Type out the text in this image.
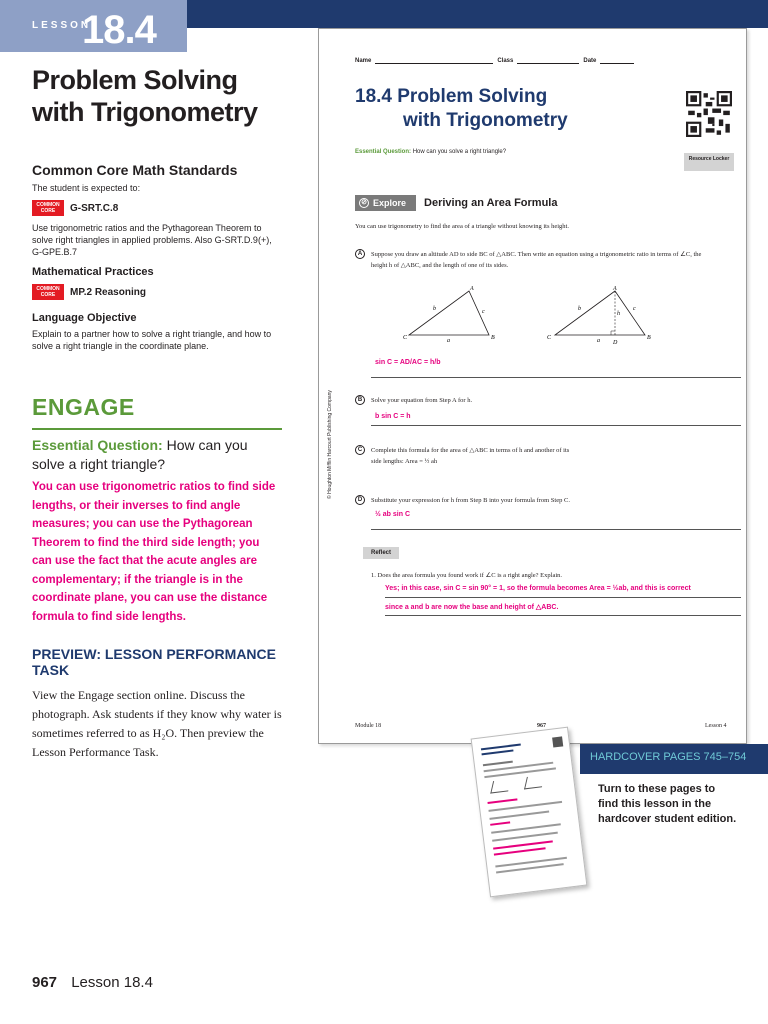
LESSON
18.4
Problem Solving with Trigonometry
Common Core Math Standards
The student is expected to:
COMMON CORE	G-SRT.C.8
Use trigonometric ratios and the Pythagorean Theorem to solve right triangles in applied problems. Also G-SRT.D.9(+), G-GPE.B.7
Mathematical Practices
COMMON CORE	MP.2 Reasoning
Language Objective
Explain to a partner how to solve a right triangle, and how to solve a right triangle in the coordinate plane.
ENGAGE
Essential Question: How can you solve a right triangle?
You can use trigonometric ratios to find side lengths, or their inverses to find angle measures; you can use the Pythagorean Theorem to find the third side length; you can use the fact that the acute angles are complementary; if the triangle is in the coordinate plane, you can use the distance formula to find side lengths.
PREVIEW: LESSON PERFORMANCE TASK
View the Engage section online. Discuss the photograph. Ask students if they know why water is sometimes referred to as H₂O. Then preview the Lesson Performance Task.
967 Lesson 18.4
Name	Class	Date
18.4 Problem Solving
with Trigonometry
Resource Locker
Essential Question: How can you solve a right triangle?
⊘ Explore Deriving an Area Formula
You can use trigonometry to find the area of a triangle without knowing its height.
A	Suppose you draw an altitude AD to side BC of △ABC. Then write an equation using a trigonometric ratio in terms of ∠C, the height h of △ABC, and the length of one of its sides.
A
C	B
b	c
a
A
C	B
D
b	c
h
a
sin C = AD/AC = h/b
B	Solve your equation from Step A for h.
b sin C = h
C	Complete this formula for the area of △ABC in terms of h and another of its side lengths: Area = ½ ah
D	Substitute your expression for h from Step B into your formula from Step C.
½ ab sin C
Reflect
1. Does the area formula you found work if ∠C is a right angle? Explain.
Yes; in this case, sin C = sin 90° = 1, so the formula becomes Area = ½ab, and this is correct
since a and b are now the base and height of △ABC.
© Houghton Mifflin Harcourt Publishing Company
Module 18	967	Lesson 4
HARDCOVER PAGES 745–754
Turn to these pages to find this lesson in the hardcover student edition.
